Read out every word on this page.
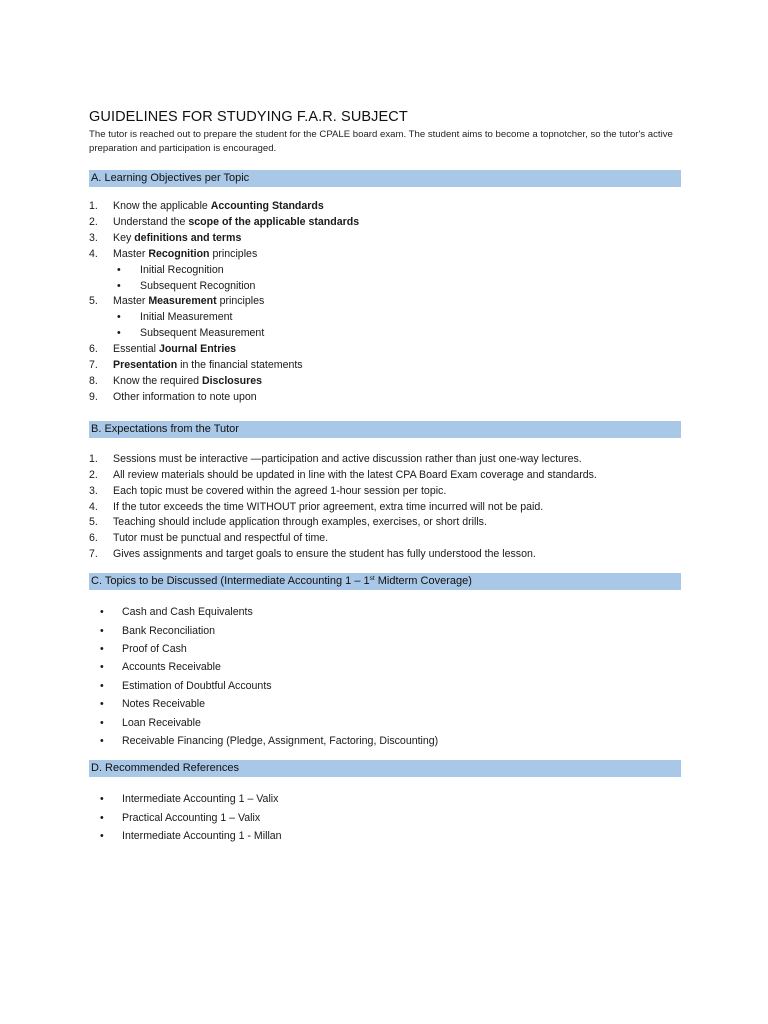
GUIDELINES FOR STUDYING F.A.R. SUBJECT

The tutor is reached out to prepare the student for the CPALE board exam. The student aims to become a topnotcher, so the tutor's active preparation and participation is encouraged.

A. Learning Objectives per Topic
1. Know the applicable Accounting Standards
2. Understand the scope of the applicable standards
3. Key definitions and terms
4. Master Recognition principles
• Initial Recognition
• Subsequent Recognition
5. Master Measurement principles
• Initial Measurement
• Subsequent Measurement
6. Essential Journal Entries
7. Presentation in the financial statements
8. Know the required Disclosures
9. Other information to note upon
B. Expectations from the Tutor
1. Sessions must be interactive —participation and active discussion rather than just one-way lectures.
2. All review materials should be updated in line with the latest CPA Board Exam coverage and standards.
3. Each topic must be covered within the agreed 1-hour session per topic.
4. If the tutor exceeds the time WITHOUT prior agreement, extra time incurred will not be paid.
5. Teaching should include application through examples, exercises, or short drills.
6. Tutor must be punctual and respectful of time.
7. Gives assignments and target goals to ensure the student has fully understood the lesson.
C. Topics to be Discussed (Intermediate Accounting 1 – 1st Midterm Coverage)
• Cash and Cash Equivalents
• Bank Reconciliation
• Proof of Cash
• Accounts Receivable
• Estimation of Doubtful Accounts
• Notes Receivable
• Loan Receivable
• Receivable Financing (Pledge, Assignment, Factoring, Discounting)
D. Recommended References
• Intermediate Accounting 1 – Valix
• Practical Accounting 1 – Valix
• Intermediate Accounting 1 - Millan
